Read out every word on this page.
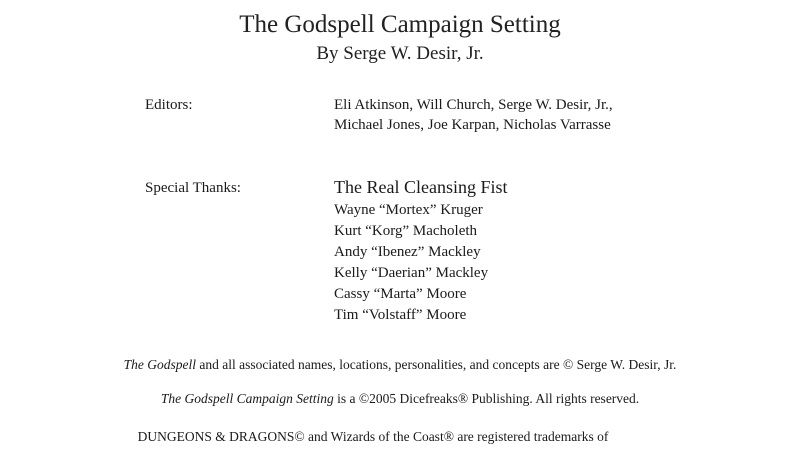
The Godspell Campaign Setting
By Serge W. Desir, Jr.
Editors:	Eli Atkinson, Will Church, Serge W. Desir, Jr.,
Michael Jones, Joe Karpan, Nicholas Varrasse
Special Thanks:	The Real Cleansing Fist
Wayne “Mortex” Kruger
Kurt “Korg” Macholeth
Andy “Ibenez” Mackley
Kelly “Daerian” Mackley
Cassy “Marta” Moore
Tim “Volstaff” Moore
The Godspell and all associated names, locations, personalities, and concepts are © Serge W. Desir, Jr.
The Godspell Campaign Setting is a ©2005 Dicefreaks® Publishing. All rights reserved.
DUNGEONS & DRAGONS© and Wizards of the Coast® are registered trademarks of
